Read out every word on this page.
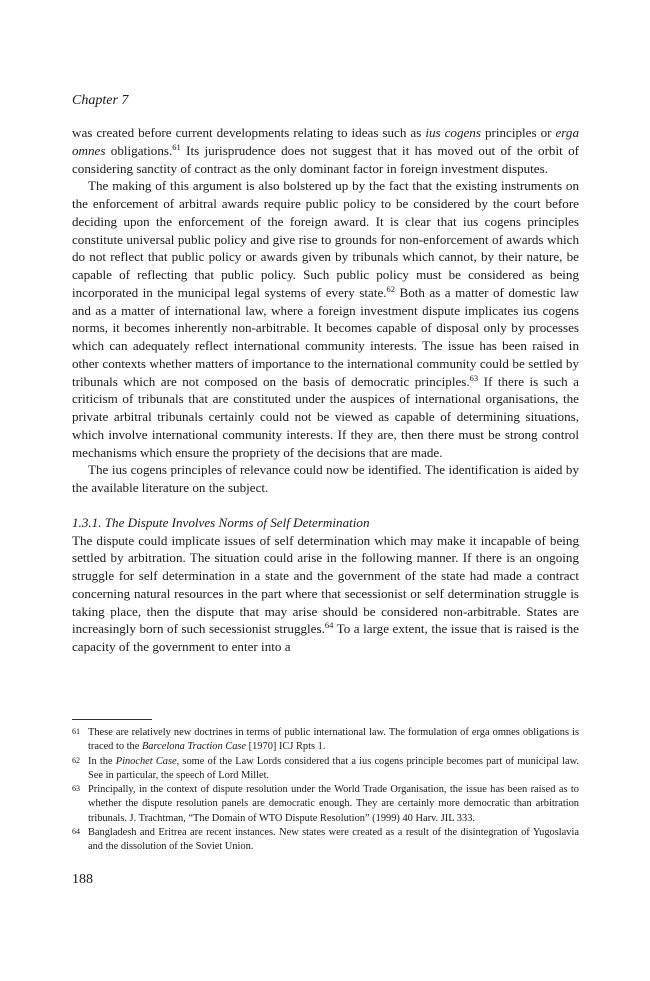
Chapter 7

was created before current developments relating to ideas such as ius cogens principles or erga omnes obligations.$^{61}$ Its jurisprudence does not suggest that it has moved out of the orbit of considering sanctity of contract as the only dominant factor in foreign investment disputes.

The making of this argument is also bolstered up by the fact that the existing instruments on the enforcement of arbitral awards require public policy to be considered by the court before deciding upon the enforcement of the foreign award. It is clear that ius cogens principles constitute universal public policy and give rise to grounds for non-enforcement of awards which do not reflect that public policy or awards given by tribunals which cannot, by their nature, be capable of reflecting that public policy. Such public policy must be considered as being incorporated in the municipal legal systems of every state.$^{62}$ Both as a matter of domestic law and as a matter of international law, where a foreign investment dispute implicates ius cogens norms, it becomes inherently non-arbitrable. It becomes capable of disposal only by processes which can adequately reflect international community interests. The issue has been raised in other contexts whether matters of importance to the international community could be settled by tribunals which are not composed on the basis of democratic principles.$^{63}$ If there is such a criticism of tribunals that are constituted under the auspices of international organisations, the private arbitral tribunals certainly could not be viewed as capable of determining situations, which involve international community interests. If they are, then there must be strong control mechanisms which ensure the propriety of the decisions that are made.

The ius cogens principles of relevance could now be identified. The identification is aided by the available literature on the subject.

1.3.1. The Dispute Involves Norms of Self Determination

The dispute could implicate issues of self determination which may make it incapable of being settled by arbitration. The situation could arise in the following manner. If there is an ongoing struggle for self determination in a state and the government of the state had made a contract concerning natural resources in the part where that secessionist or self determination struggle is taking place, then the dispute that may arise should be considered non-arbitrable. States are increasingly born of such secessionist struggles.$^{64}$ To a large extent, the issue that is raised is the capacity of the government to enter into a

61 These are relatively new doctrines in terms of public international law. The formulation of erga omnes obligations is traced to the Barcelona Traction Case [1970] ICJ Rpts 1.

62 In the Pinochet Case, some of the Law Lords considered that a ius cogens principle becomes part of municipal law. See in particular, the speech of Lord Millet.

63 Principally, in the context of dispute resolution under the World Trade Organisation, the issue has been raised as to whether the dispute resolution panels are democratic enough. They are certainly more democratic than arbitration tribunals. J. Trachtman, “The Domain of WTO Dispute Resolution” (1999) 40 Harv. JIL 333.

64 Bangladesh and Eritrea are recent instances. New states were created as a result of the disintegration of Yugoslavia and the dissolution of the Soviet Union.

188
